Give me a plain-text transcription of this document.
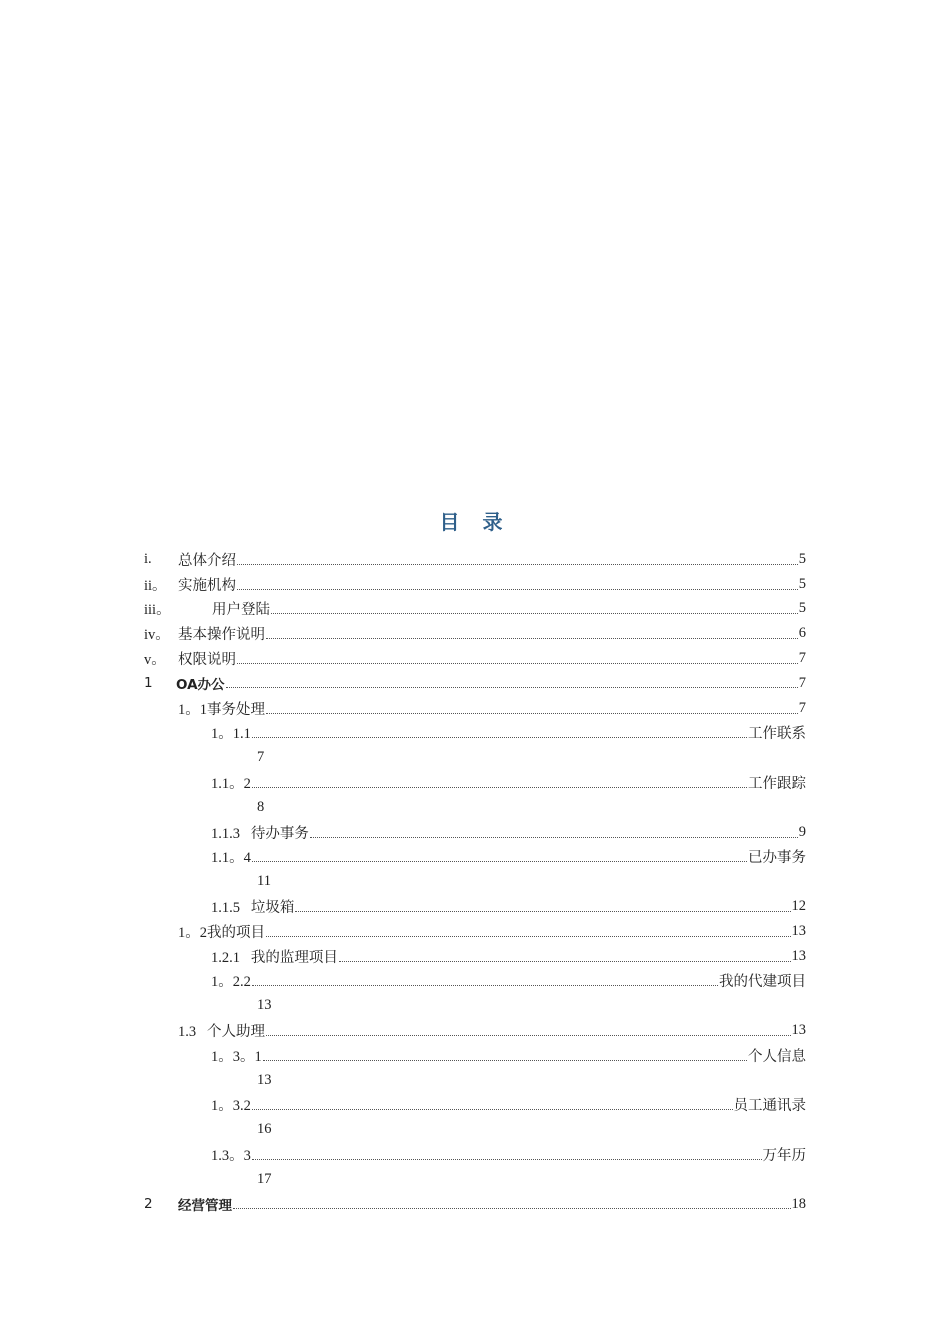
目 录
i. 总体介绍	5
ii。 实施机构	5
iii。	用户登陆	5
iv。 基本操作说明	6
v。 权限说明	7
1 OA办公	7
1。1事务处理	7
1。1.1	工作联系
7
1.1。2	工作跟踪
8
1.1.3   待办事务	9
1.1。4	已办事务
11
1.1.5   垃圾箱	12
1。2我的项目	13
1.2.1   我的监理项目	13
1。2.2	我的代建项目
13
1.3   个人助理	13
1。3。1	个人信息
13
1。3.2	员工通讯录
16
1.3。3	万年历
17
2 经营管理	18
